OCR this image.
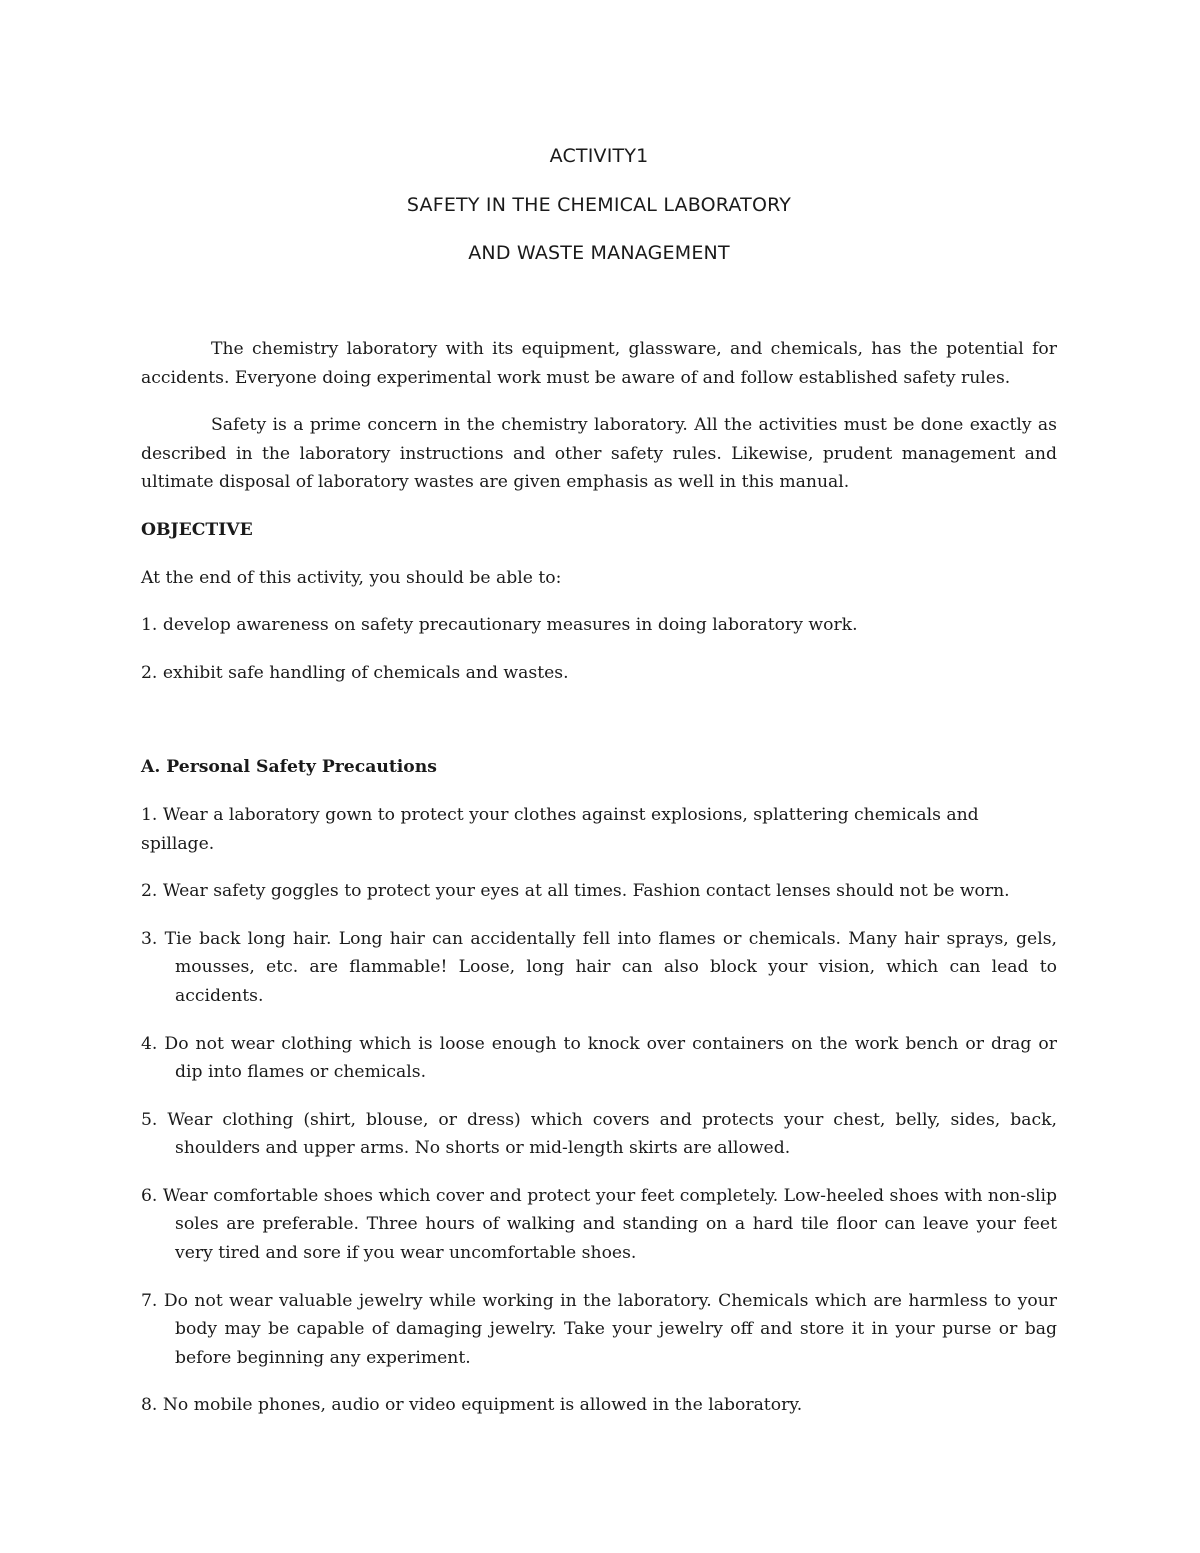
ACTIVITY1
SAFETY IN THE CHEMICAL LABORATORY
AND WASTE MANAGEMENT

The chemistry laboratory with its equipment, glassware, and chemicals, has the potential for accidents. Everyone doing experimental work must be aware of and follow established safety rules.

Safety is a prime concern in the chemistry laboratory. All the activities must be done exactly as described in the laboratory instructions and other safety rules. Likewise, prudent management and ultimate disposal of laboratory wastes are given emphasis as well in this manual.

OBJECTIVE

At the end of this activity, you should be able to:

1. develop awareness on safety precautionary measures in doing laboratory work.

2. exhibit safe handling of chemicals and wastes.

A. Personal Safety Precautions

1. Wear a laboratory gown to protect your clothes against explosions, splattering chemicals and spillage.

2. Wear safety goggles to protect your eyes at all times. Fashion contact lenses should not be worn.

3. Tie back long hair. Long hair can accidentally fell into flames or chemicals. Many hair sprays, gels, mousses, etc. are flammable! Loose, long hair can also block your vision, which can lead to accidents.

4. Do not wear clothing which is loose enough to knock over containers on the work bench or drag or dip into flames or chemicals.

5. Wear clothing (shirt, blouse, or dress) which covers and protects your chest, belly, sides, back, shoulders and upper arms. No shorts or mid-length skirts are allowed.

6. Wear comfortable shoes which cover and protect your feet completely. Low-heeled shoes with non-slip soles are preferable. Three hours of walking and standing on a hard tile floor can leave your feet very tired and sore if you wear uncomfortable shoes.

7. Do not wear valuable jewelry while working in the laboratory. Chemicals which are harmless to your body may be capable of damaging jewelry. Take your jewelry off and store it in your purse or bag before beginning any experiment.

8. No mobile phones, audio or video equipment is allowed in the laboratory.
